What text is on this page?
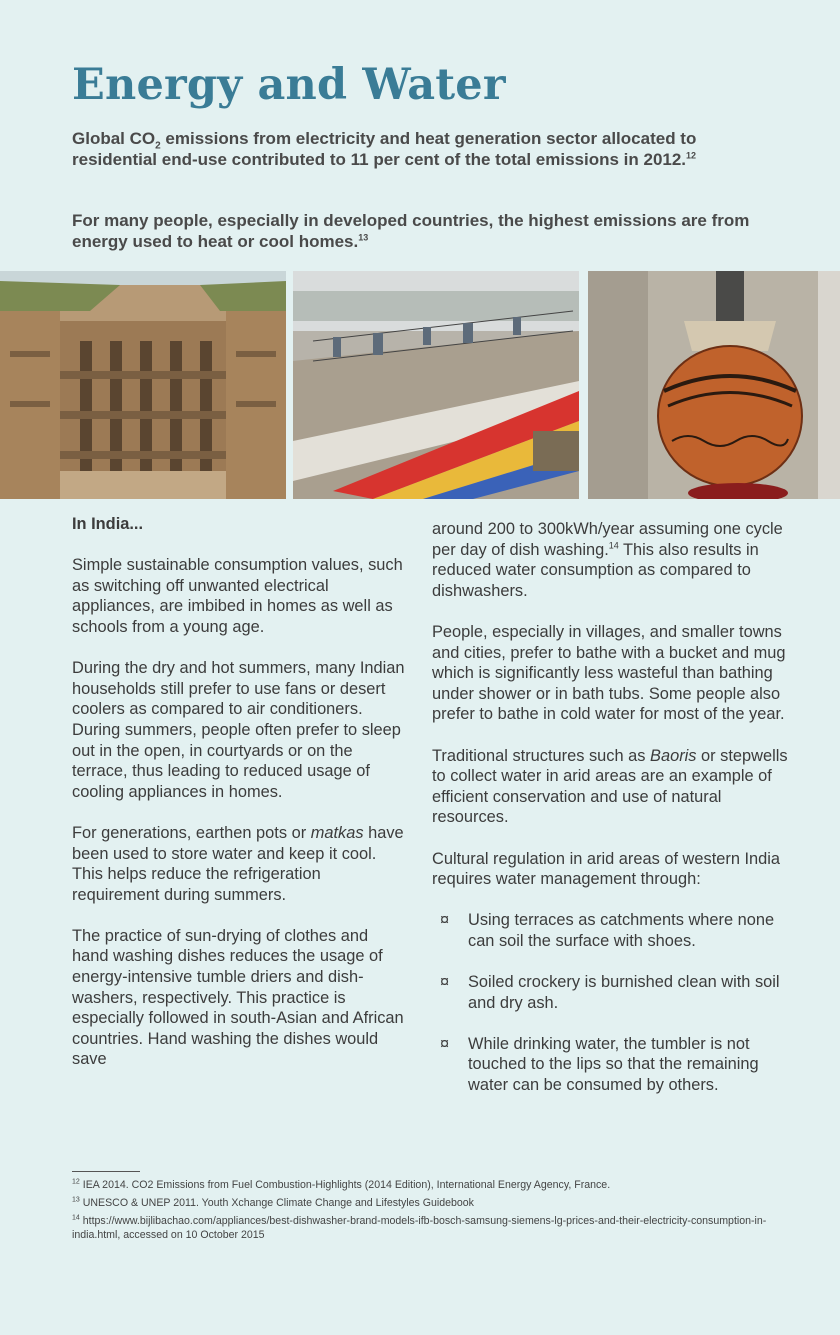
Energy and Water

Global $CO_2$ emissions from electricity and heat generation sector allocated to residential end-use contributed to 11 per cent of the total emissions in 2012.12

For many people, especially in developed countries, the highest emissions are from energy used to heat or cool homes.$^{13}$

In India...

Simple sustainable consumption values, such as switching off unwanted electrical appliances, are imbibed in homes as well as schools from a young age.

During the dry and hot summers, many Indian households still prefer to use fans or desert coolers as compared to air conditioners. During summers, people often prefer to sleep out in the open, in courtyards or on the terrace, thus leading to reduced usage of cooling appliances in homes.

For generations, earthen pots or matkas have been used to store water and keep it cool. This helps reduce the refrigeration requirement during summers.

The practice of sun-drying of clothes and hand washing dishes reduces the usage of energy-intensive tumble driers and dish-washers, respectively. This practice is especially followed in south-Asian and African countries. Hand washing the dishes would save

around 200 to 300kWh/year assuming one cycle per day of dish washing.$^{14}$ This also results in reduced water consumption as compared to dishwashers.

People, especially in villages, and smaller towns and cities, prefer to bathe with a bucket and mug which is significantly less wasteful than bathing under shower or in bath tubs. Some people also prefer to bathe in cold water for most of the year.

Traditional structures such as Baoris or stepwells to collect water in arid areas are an example of efficient conservation and use of natural resources.

Cultural regulation in arid areas of western India requires water management through:

¤ Using terraces as catchments where none can soil the surface with shoes.
¤ Soiled crockery is burnished clean with soil and dry ash.
¤ While drinking water, the tumbler is not touched to the lips so that the remaining water can be consumed by others.

$^{12}$ IEA 2014. CO2 Emissions from Fuel Combustion-Highlights (2014 Edition), International Energy Agency, France.

$^{13}$ UNESCO & UNEP 2011. Youth Xchange Climate Change and Lifestyles Guidebook

$^{14}$ https://www.bijlibachao.com/appliances/best-dishwasher-brand-models-ifb-bosch-samsung-siemens-lg-prices-and-their-electricity-consumption-in-india.html, accessed on 10 October 2015
